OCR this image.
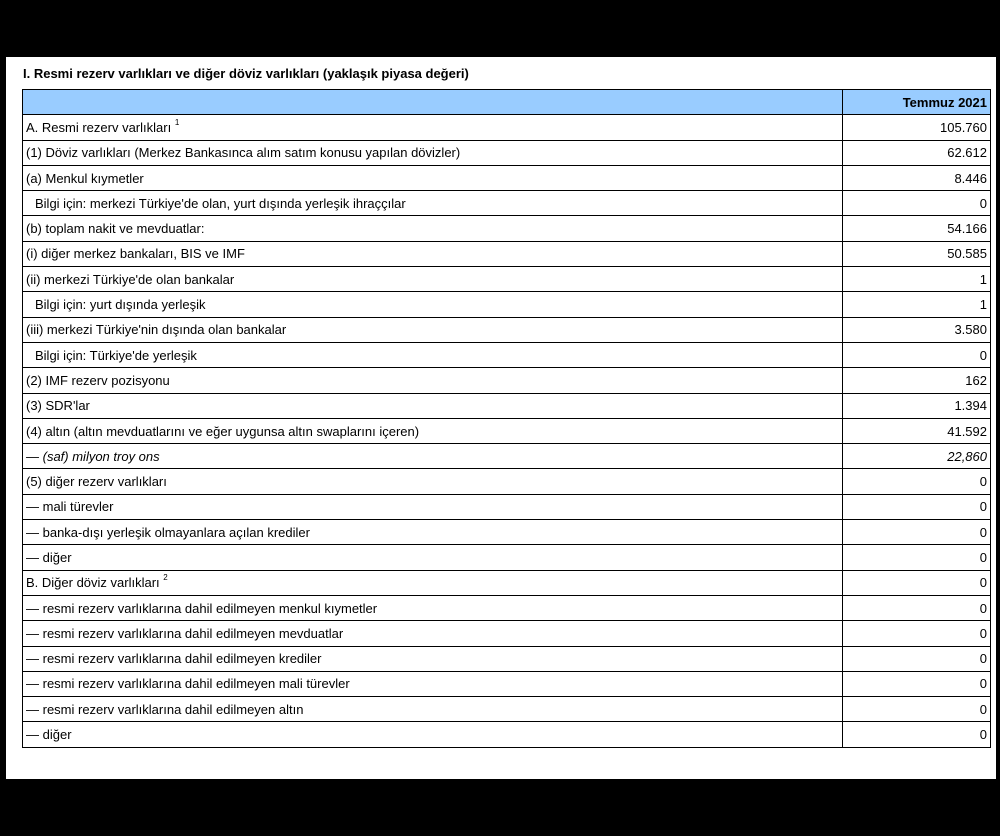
I. Resmi rezerv varlıkları ve diğer döviz varlıkları (yaklaşık piyasa değeri)
	Temmuz 2021
A. Resmi rezerv varlıkları $^1$	105.760
(1) Döviz varlıkları (Merkez Bankasınca alım satım konusu yapılan dövizler)	62.612
(a) Menkul kıymetler	8.446
Bilgi için: merkezi Türkiye'de olan, yurt dışında yerleşik ihraççılar	0
(b) toplam nakit ve mevduatlar:	54.166
(i) diğer merkez bankaları, BIS ve IMF	50.585
(ii) merkezi Türkiye'de olan bankalar	1
Bilgi için: yurt dışında yerleşik	1
(iii) merkezi Türkiye'nin dışında olan bankalar	3.580
Bilgi için: Türkiye'de yerleşik	0
(2) IMF rezerv pozisyonu	162
(3) SDR'lar	1.394
(4) altın (altın mevduatlarını ve eğer uygunsa altın swaplarını içeren)	41.592
— (saf) milyon troy ons	22,860
(5) diğer rezerv varlıkları	0
— mali türevler	0
— banka-dışı yerleşik olmayanlara açılan krediler	0
— diğer	0
B. Diğer döviz varlıkları $^2$	0
— resmi rezerv varlıklarına dahil edilmeyen menkul kıymetler	0
— resmi rezerv varlıklarına dahil edilmeyen mevduatlar	0
— resmi rezerv varlıklarına dahil edilmeyen krediler	0
— resmi rezerv varlıklarına dahil edilmeyen mali türevler	0
— resmi rezerv varlıklarına dahil edilmeyen altın	0
— diğer	0
